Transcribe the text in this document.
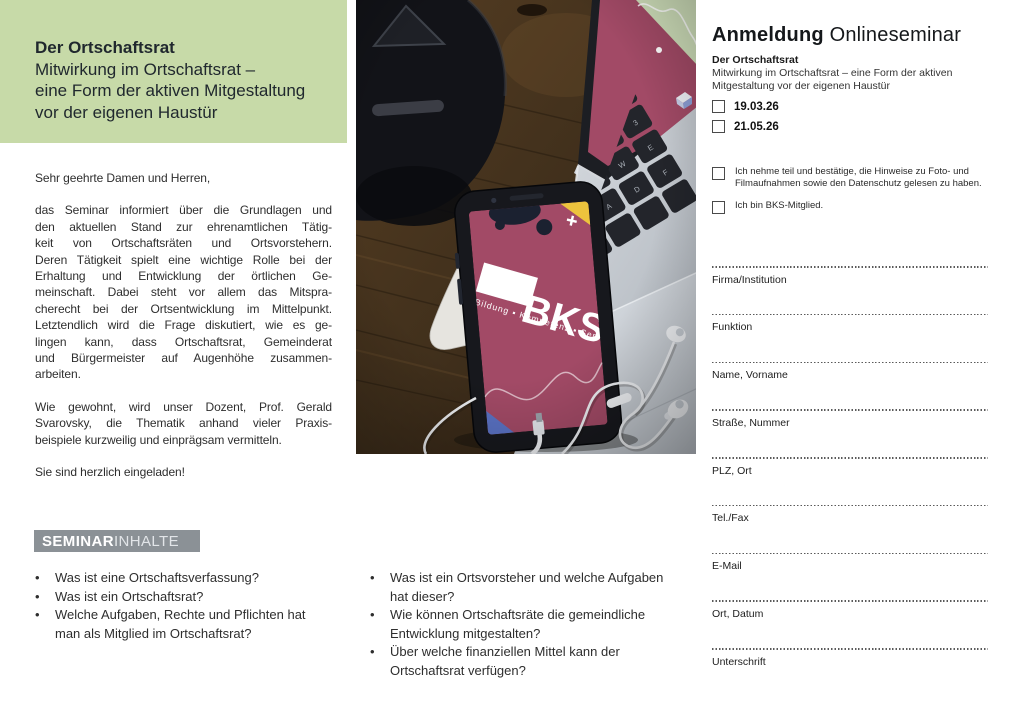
Der Ortschaftsrat
Mitwirkung im Ortschaftsrat –
eine Form der aktiven Mitgestaltung
vor der eigenen Haustür
Sehr geehrte Damen und Herren,
das Seminar informiert über die Grundlagen und
den aktuellen Stand zur ehrenamtlichen Tätig-
keit von Ortschaftsräten und Ortsvorstehern.
Deren Tätigkeit spielt eine wichtige Rolle bei der
Erhaltung und Entwicklung der örtlichen Ge-
meinschaft. Dabei steht vor allem das Mitspra-
cherecht bei der Ortsentwicklung im Mittelpunkt.
Letztendlich wird die Frage diskutiert, wie es ge-
lingen kann, dass Ortschaftsrat, Gemeinderat
und Bürgermeister auf Augenhöhe zusammen-
arbeiten.
Wie gewohnt, wird unser Dozent, Prof. Gerald
Svarovsky, die Thematik anhand vieler Praxis-
beispiele kurzweilig und einprägsam vermitteln.
Sie sind herzlich eingeladen!
SEMINAR INHALTE
• Was ist eine Ortschaftsverfassung?
• Was ist ein Ortschaftsrat?
• Welche Aufgaben, Rechte und Pflichten hat man als Mitglied im Ortschaftsrat?
• Was ist ein Ortsvorsteher und welche Aufgaben hat dieser?
• Wie können Ortschaftsräte die gemeindliche Entwicklung mitgestalten?
• Über welche finanziellen Mittel kann der Ortschaftsrat verfügen?
Anmeldung Onlineseminar
Der Ortschaftsrat
Mitwirkung im Ortschaftsrat – eine Form der aktiven Mitgestaltung vor der eigenen Haustür
19.03.26
21.05.26
Ich nehme teil und bestätige, die Hinweise zu Foto- und Filmaufnahmen sowie den Datenschutz gelesen zu haben.
Ich bin BKS-Mitglied.
Firma/Institution
Funktion
Name, Vorname
Straße, Nummer
PLZ, Ort
Tel./Fax
E-Mail
Ort, Datum
Unterschrift
